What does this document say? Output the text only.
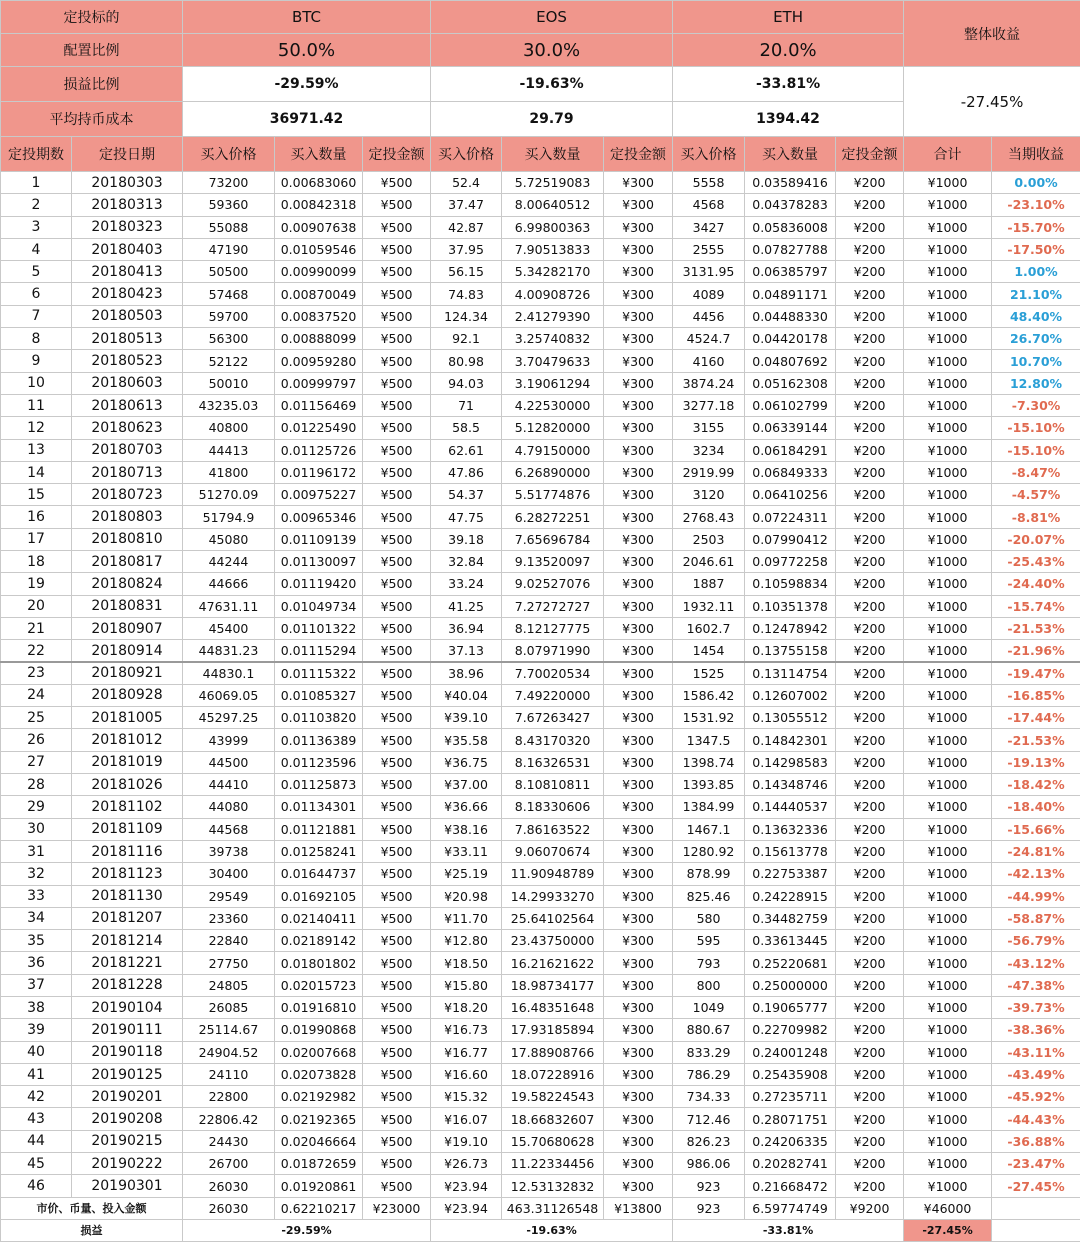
定投标的		BTC			EOS			ETH			整体收益	
配置比例		50.0%			30.0%			20.0%				
损益比例		-29.59%			-19.63%			-33.81%			-27.45%	
平均持币成本		36971.42			29.79			1394.42				
定投期数	定投日期	买入价格	买入数量	定投金额	买入价格	买入数量	定投金额	买入价格	买入数量	定投金额	合计	当期收益
1	20180303	73200	0.00683060	¥500	52.4	5.72519083	¥300	5558	0.03589416	¥200	¥1000	0.00%
2	20180313	59360	0.00842318	¥500	37.47	8.00640512	¥300	4568	0.04378283	¥200	¥1000	-23.10%
3	20180323	55088	0.00907638	¥500	42.87	6.99800363	¥300	3427	0.05836008	¥200	¥1000	-15.70%
4	20180403	47190	0.01059546	¥500	37.95	7.90513833	¥300	2555	0.07827788	¥200	¥1000	-17.50%
5	20180413	50500	0.00990099	¥500	56.15	5.34282170	¥300	3131.95	0.06385797	¥200	¥1000	1.00%
6	20180423	57468	0.00870049	¥500	74.83	4.00908726	¥300	4089	0.04891171	¥200	¥1000	21.10%
7	20180503	59700	0.00837520	¥500	124.34	2.41279390	¥300	4456	0.04488330	¥200	¥1000	48.40%
8	20180513	56300	0.00888099	¥500	92.1	3.25740832	¥300	4524.7	0.04420178	¥200	¥1000	26.70%
9	20180523	52122	0.00959280	¥500	80.98	3.70479633	¥300	4160	0.04807692	¥200	¥1000	10.70%
10	20180603	50010	0.00999797	¥500	94.03	3.19061294	¥300	3874.24	0.05162308	¥200	¥1000	12.80%
11	20180613	43235.03	0.01156469	¥500	71	4.22530000	¥300	3277.18	0.06102799	¥200	¥1000	-7.30%
12	20180623	40800	0.01225490	¥500	58.5	5.12820000	¥300	3155	0.06339144	¥200	¥1000	-15.10%
13	20180703	44413	0.01125726	¥500	62.61	4.79150000	¥300	3234	0.06184291	¥200	¥1000	-15.10%
14	20180713	41800	0.01196172	¥500	47.86	6.26890000	¥300	2919.99	0.06849333	¥200	¥1000	-8.47%
15	20180723	51270.09	0.00975227	¥500	54.37	5.51774876	¥300	3120	0.06410256	¥200	¥1000	-4.57%
16	20180803	51794.9	0.00965346	¥500	47.75	6.28272251	¥300	2768.43	0.07224311	¥200	¥1000	-8.81%
17	20180810	45080	0.01109139	¥500	39.18	7.65696784	¥300	2503	0.07990412	¥200	¥1000	-20.07%
18	20180817	44244	0.01130097	¥500	32.84	9.13520097	¥300	2046.61	0.09772258	¥200	¥1000	-25.43%
19	20180824	44666	0.01119420	¥500	33.24	9.02527076	¥300	1887	0.10598834	¥200	¥1000	-24.40%
20	20180831	47631.11	0.01049734	¥500	41.25	7.27272727	¥300	1932.11	0.10351378	¥200	¥1000	-15.74%
21	20180907	45400	0.01101322	¥500	36.94	8.12127775	¥300	1602.7	0.12478942	¥200	¥1000	-21.53%
22	20180914	44831.23	0.01115294	¥500	37.13	8.07971990	¥300	1454	0.13755158	¥200	¥1000	-21.96%
23	20180921	44830.1	0.01115322	¥500	38.96	7.70020534	¥300	1525	0.13114754	¥200	¥1000	-19.47%
24	20180928	46069.05	0.01085327	¥500	¥40.04	7.49220000	¥300	1586.42	0.12607002	¥200	¥1000	-16.85%
25	20181005	45297.25	0.01103820	¥500	¥39.10	7.67263427	¥300	1531.92	0.13055512	¥200	¥1000	-17.44%
26	20181012	43999	0.01136389	¥500	¥35.58	8.43170320	¥300	1347.5	0.14842301	¥200	¥1000	-21.53%
27	20181019	44500	0.01123596	¥500	¥36.75	8.16326531	¥300	1398.74	0.14298583	¥200	¥1000	-19.13%
28	20181026	44410	0.01125873	¥500	¥37.00	8.10810811	¥300	1393.85	0.14348746	¥200	¥1000	-18.42%
29	20181102	44080	0.01134301	¥500	¥36.66	8.18330606	¥300	1384.99	0.14440537	¥200	¥1000	-18.40%
30	20181109	44568	0.01121881	¥500	¥38.16	7.86163522	¥300	1467.1	0.13632336	¥200	¥1000	-15.66%
31	20181116	39738	0.01258241	¥500	¥33.11	9.06070674	¥300	1280.92	0.15613778	¥200	¥1000	-24.81%
32	20181123	30400	0.01644737	¥500	¥25.19	11.90948789	¥300	878.99	0.22753387	¥200	¥1000	-42.13%
33	20181130	29549	0.01692105	¥500	¥20.98	14.29933270	¥300	825.46	0.24228915	¥200	¥1000	-44.99%
34	20181207	23360	0.02140411	¥500	¥11.70	25.64102564	¥300	580	0.34482759	¥200	¥1000	-58.87%
35	20181214	22840	0.02189142	¥500	¥12.80	23.43750000	¥300	595	0.33613445	¥200	¥1000	-56.79%
36	20181221	27750	0.01801802	¥500	¥18.50	16.21621622	¥300	793	0.25220681	¥200	¥1000	-43.12%
37	20181228	24805	0.02015723	¥500	¥15.80	18.98734177	¥300	800	0.25000000	¥200	¥1000	-47.38%
38	20190104	26085	0.01916810	¥500	¥18.20	16.48351648	¥300	1049	0.19065777	¥200	¥1000	-39.73%
39	20190111	25114.67	0.01990868	¥500	¥16.73	17.93185894	¥300	880.67	0.22709982	¥200	¥1000	-38.36%
40	20190118	24904.52	0.02007668	¥500	¥16.77	17.88908766	¥300	833.29	0.24001248	¥200	¥1000	-43.11%
41	20190125	24110	0.02073828	¥500	¥16.60	18.07228916	¥300	786.29	0.25435908	¥200	¥1000	-43.49%
42	20190201	22800	0.02192982	¥500	¥15.32	19.58224543	¥300	734.33	0.27235711	¥200	¥1000	-45.92%
43	20190208	22806.42	0.02192365	¥500	¥16.07	18.66832607	¥300	712.46	0.28071751	¥200	¥1000	-44.43%
44	20190215	24430	0.02046664	¥500	¥19.10	15.70680628	¥300	826.23	0.24206335	¥200	¥1000	-36.88%
45	20190222	26700	0.01872659	¥500	¥26.73	11.22334456	¥300	986.06	0.20282741	¥200	¥1000	-23.47%
46	20190301	26030	0.01920861	¥500	¥23.94	12.53132832	¥300	923	0.21668472	¥200	¥1000	-27.45%
市价、币量、投入金额		26030	0.62210217	¥23000	¥23.94	463.31126548	¥13800	923	6.59774749	¥9200	¥46000	
损益		-29.59%			-19.63%			-33.81%			-27.45%	
